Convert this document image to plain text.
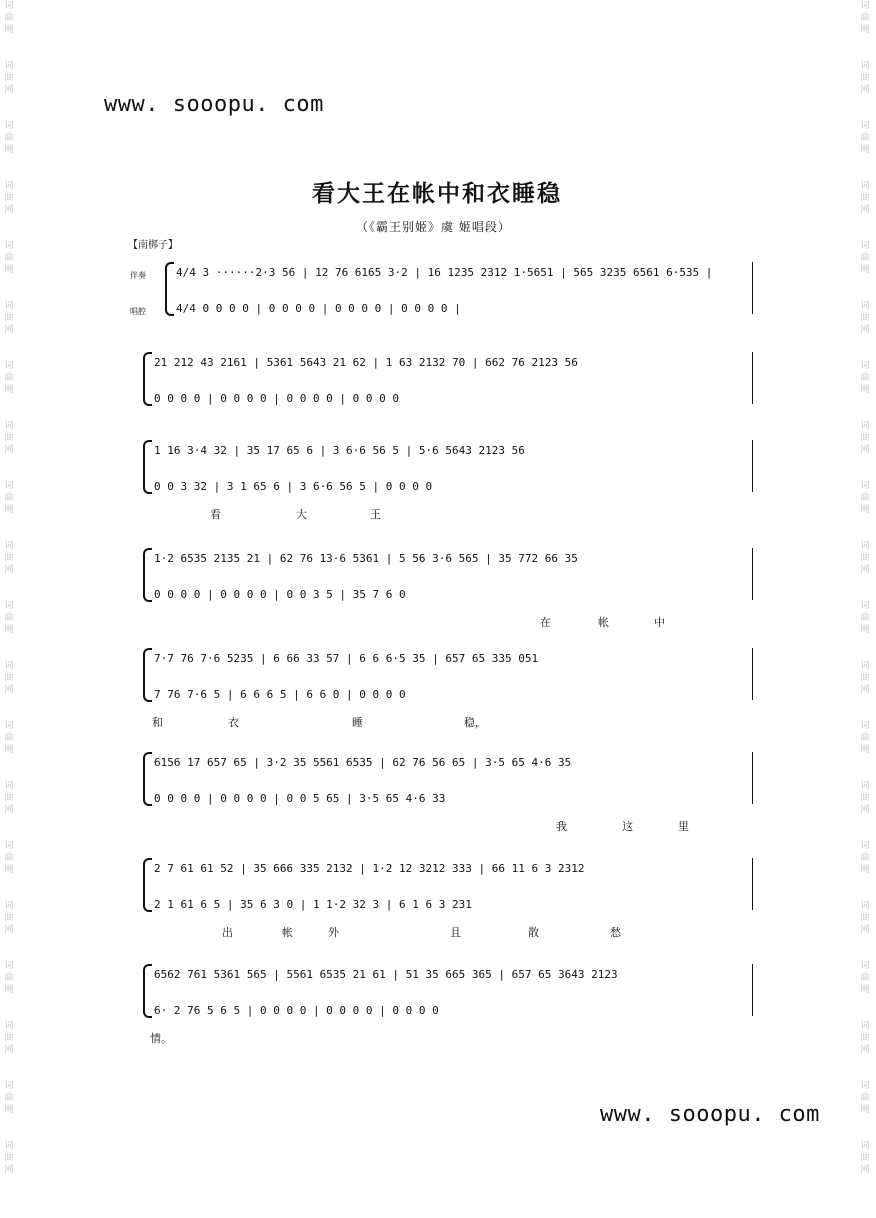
词
曲
网
词
曲
网
词
曲
网
词
曲
网
词
曲
网
词
曲
网
词
曲
网
词
曲
网
词
曲
网
词
曲
网
词
曲
网
词
曲
网
词
曲
网
词
曲
网
词
曲
网
词
曲
网
词
曲
网
词
曲
网
词
曲
网
词
曲
网
词
曲
网
词
曲
网
词
曲
网
词
曲
网
词
曲
网
词
曲
网
词
曲
网
词
曲
网
词
曲
网
词
曲
网
词
曲
网
词
曲
网
词
曲
网
词
曲
网
词
曲
网
词
曲
网
词
曲
网
词
曲
网
词
曲
网
词
曲
网
www. sooopu. com
www. sooopu. com
看大王在帐中和衣睡稳
（《霸王别姬》虞 姬唱段）
【南梆子】
伴奏
唱腔
4/4 3 ······2·3 56 | 12 76 6165 3·2 | 16 1235 2312 1·5651 | 565 3235 6561 6·535 |
4/4 0 0 0 0 | 0 0 0 0 | 0 0 0 0 | 0 0 0 0 |
21 212 43 2161 | 5361 5643 21 62 | 1 63 2132 70 | 662 76 2123 56
0 0 0 0 | 0 0 0 0 | 0 0 0 0 | 0 0 0 0
1 16 3·4 32 | 35 17 65 6 | 3 6·6 56 5 | 5·6 5643 2123 56
0 0 3 32 | 3 1 65 6 | 3 6·6 56 5 | 0 0 0 0
看	大	王
1·2 6535 2135 21 | 62 76 13·6 5361 | 5 56 3·6 565 | 35 772 66 35
0 0 0 0 | 0 0 0 0 | 0 0 3 5 | 35 7 6 0
在	帐	中
7·7 76 7·6 5235 | 6 66 33 57 | 6 6 6·5 35 | 657 65 335 051
7 76 7·6 5 | 6 6 6 5 | 6 6 0 | 0 0 0 0
和	衣	睡	稳，
6156 17 657 65 | 3·2 35 5561 6535 | 62 76 56 65 | 3·5 65 4·6 35
0 0 0 0 | 0 0 0 0 | 0 0 5 65 | 3·5 65 4·6 33
我	这	里
2 7 61 61 52 | 35 666 335 2132 | 1·2 12 3212 333 | 66 11 6 3 2312
2 1 61 6 5 | 35 6 3 0 | 1 1·2 32 3 | 6 1 6 3 231
出	帐	外	且	散	愁
6562 761 5361 565 | 5561 6535 21 61 | 51 35 665 365 | 657 65 3643 2123
6· 2 76 5 6 5 | 0 0 0 0 | 0 0 0 0 | 0 0 0 0
情。
